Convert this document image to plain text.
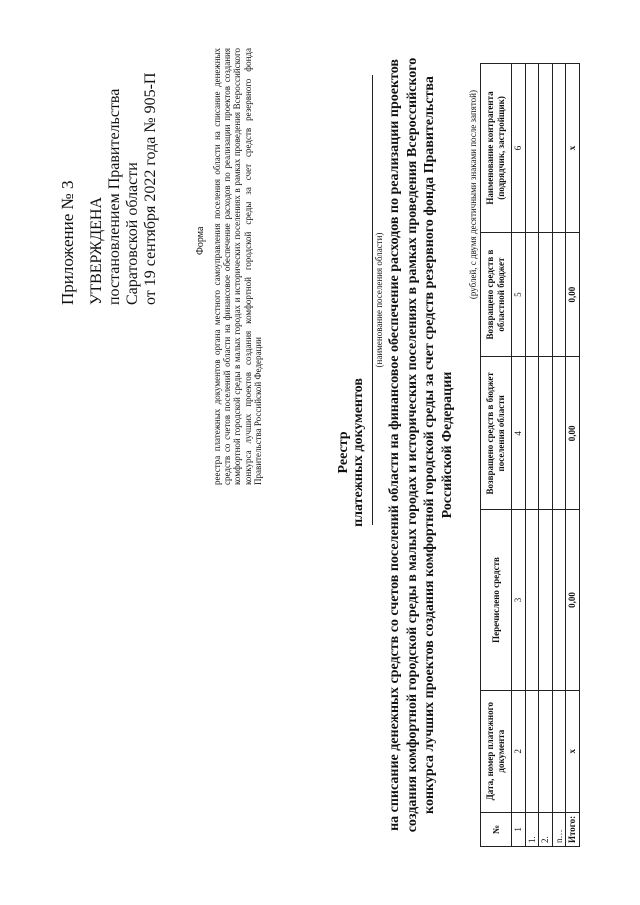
Приложение № 3 УТВЕРЖДЕНА постановлением Правительства Саратовской области от 19 сентября 2022 года № 905-П	Форма реестра платежных документов органа местного самоуправления поселения области на списание денежных средств со счетов поселений области на финансовое обеспечение расходов по реализации проектов создания комфортной городской среды в малых городах и исторических поселениях в рамках проведения Всероссийского конкурса лучших проектов создания комфортной городской среды за счет средств резервного фонда Правительства Российской Федерации	Реестр платежных документов
(наименование поселения области) на списание денежных средств со счетов поселений области на финансовое обеспечение расходов по реализации проектов создания комфортной городской среды в малых городах и исторических поселениях в рамках проведения Всероссийского конкурса лучших проектов создания комфортной городской среды за счет средств резервного фонда Правительства Российской Федерации
(рублей, с двумя десятичными знаками после запятой)
№	Дата, номер платежного документа	Перечислено средств	Возвращено средств в бюджет поселения области	Возвращено средств в областной бюджет	Наименование контрагента (подрядчик, застройщик)
1	2	3	4	5	6
1.					
2.					
n…					
Итого:	х	0,00	0,00	0,00	х
